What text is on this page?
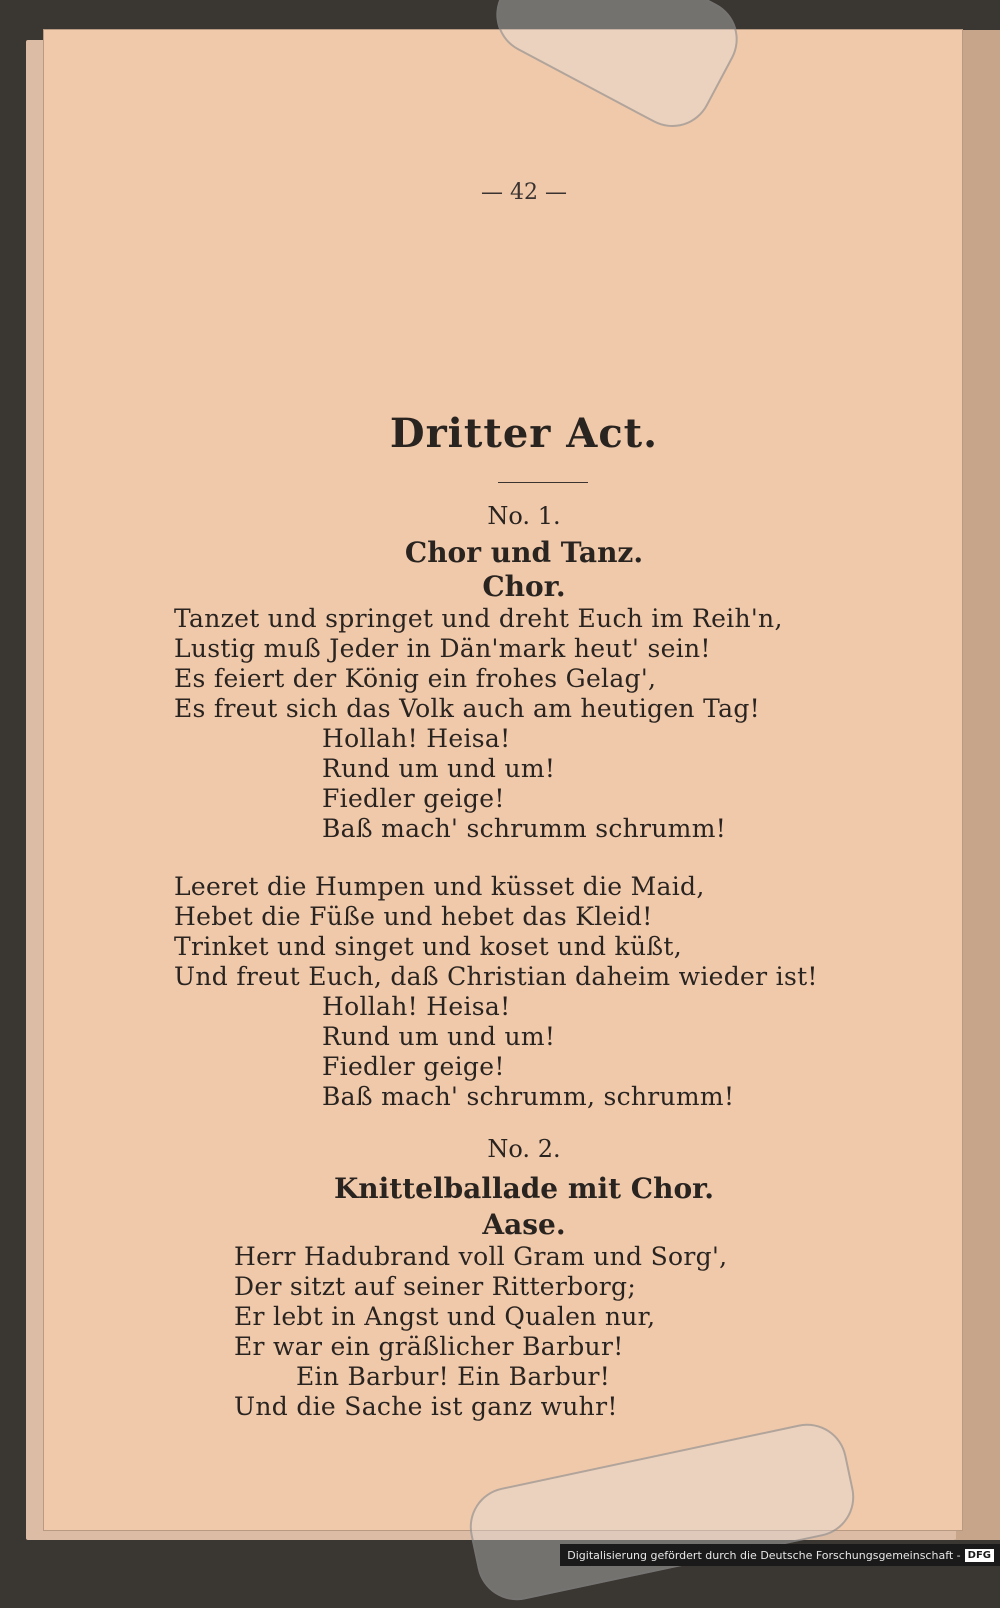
— 42 —
Dritter Act.
No. 1.
Chor und Tanz.
Chor.
Tanzet und springet und dreht Euch im Reih'n,
Lustig muß Jeder in Dän'mark heut' sein!
Es feiert der König ein frohes Gelag',
Es freut sich das Volk auch am heutigen Tag!
Hollah! Heisa!
Rund um und um!
Fiedler geige!
Baß mach' schrumm schrumm!
Leeret die Humpen und küsset die Maid,
Hebet die Füße und hebet das Kleid!
Trinket und singet und koset und küßt,
Und freut Euch, daß Christian daheim wieder ist!
Hollah! Heisa!
Rund um und um!
Fiedler geige!
Baß mach' schrumm, schrumm!
No. 2.
Knittelballade mit Chor.
Aase.
Herr Hadubrand voll Gram und Sorg',
Der sitzt auf seiner Ritterborg;
Er lebt in Angst und Qualen nur,
Er war ein gräßlicher Barbur!
Ein Barbur! Ein Barbur!
Und die Sache ist ganz wuhr!
Digitalisierung gefördert durch die Deutsche Forschungsgemeinschaft - DFG
